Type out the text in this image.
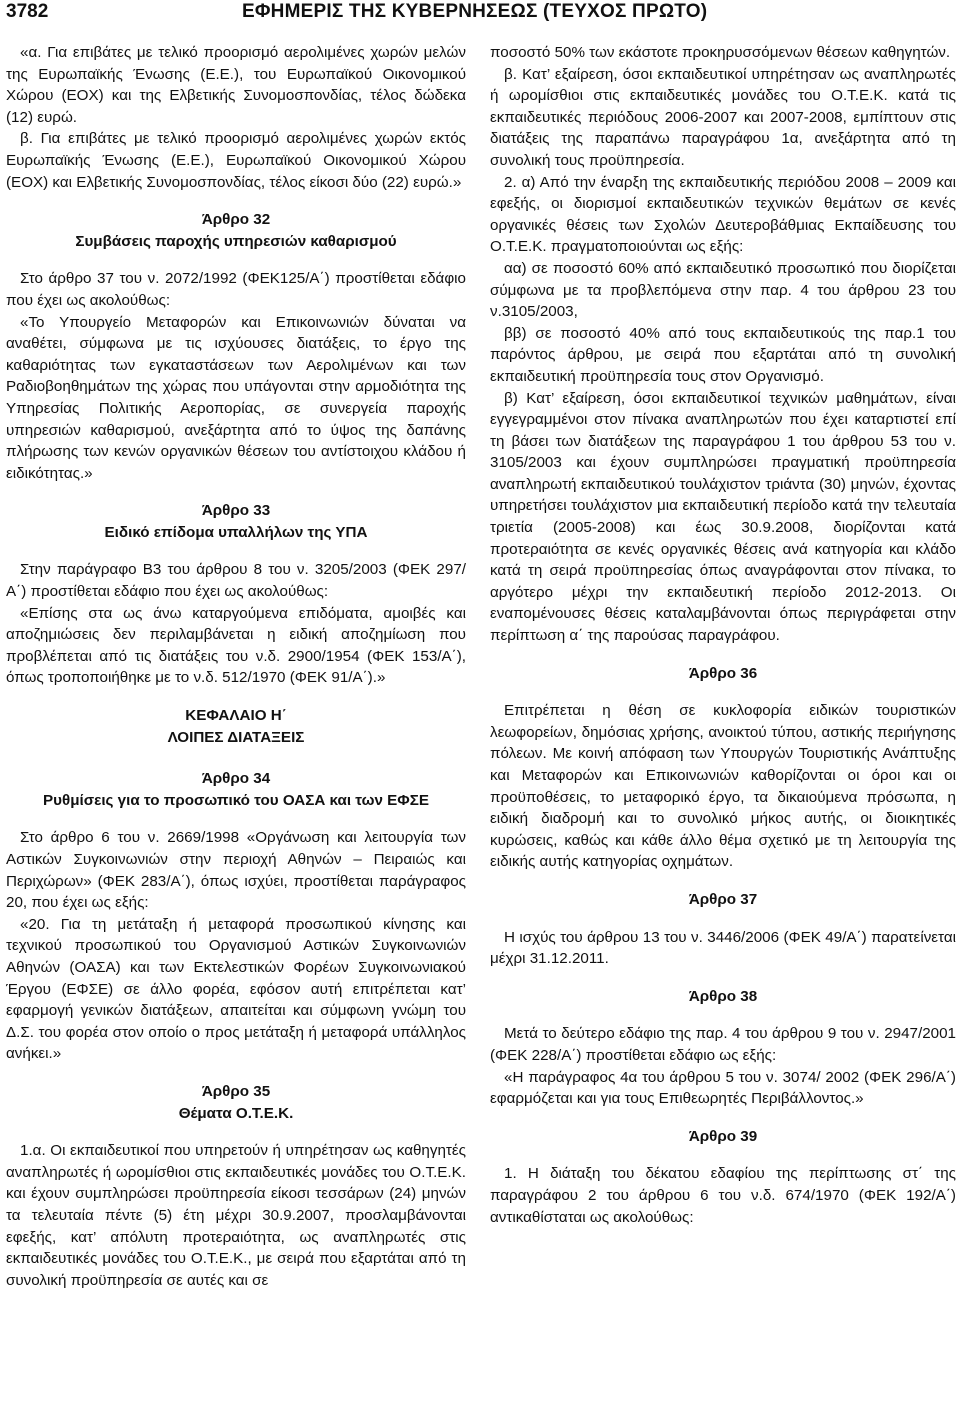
3782	ΕΦΗΜΕΡΙΣ ΤΗΣ ΚΥΒΕΡΝΗΣΕΩΣ (ΤΕΥΧΟΣ ΠΡΩΤΟ)

«α. Για επιβάτες με τελικό προορισμό αερολιμένες χωρών μελών της Ευρωπαϊκής Ένωσης (Ε.Ε.), του Ευρωπαϊκού Οικονομικού Χώρου (ΕΟΧ) και της Ελβετικής Συνομοσπονδίας, τέλος δώδεκα (12) ευρώ.

β. Για επιβάτες με τελικό προορισμό αερολιμένες χωρών εκτός Ευρωπαϊκής Ένωσης (Ε.Ε.), Ευρωπαϊκού Οικονομικού Χώρου (ΕΟΧ) και Ελβετικής Συνομοσπονδίας, τέλος είκοσι δύο (22) ευρώ.»

Άρθρο 32

Συμβάσεις παροχής υπηρεσιών καθαρισμού

Στο άρθρο 37 του ν. 2072/1992 (ΦΕΚ125/Α΄) προστίθεται εδάφιο που έχει ως ακολούθως:

«Το Υπουργείο Μεταφορών και Επικοινωνιών δύναται να αναθέτει, σύμφωνα με τις ισχύουσες διατάξεις, το έργο της καθαριότητας των εγκαταστάσεων των Αερολιμένων και των Ραδιοβοηθημάτων της χώρας που υπάγονται στην αρμοδιότητα της Υπηρεσίας Πολιτικής Αεροπορίας, σε συνεργεία παροχής υπηρεσιών καθαρισμού, ανεξάρτητα από το ύψος της δαπάνης πλήρωσης των κενών οργανικών θέσεων του αντίστοιχου κλάδου ή ειδικότητας.»

Άρθρο 33

Ειδικό επίδομα υπαλλήλων της ΥΠΑ

Στην παράγραφο Β3 του άρθρου 8 του ν. 3205/2003 (ΦΕΚ 297/Α΄) προστίθεται εδάφιο που έχει ως ακολούθως:

«Επίσης στα ως άνω καταργούμενα επιδόματα, αμοιβές και αποζημιώσεις δεν περιλαμβάνεται η ειδική αποζημίωση που προβλέπεται από τις διατάξεις του ν.δ. 2900/1954 (ΦΕΚ 153/Α΄), όπως τροποποιήθηκε με το ν.δ. 512/1970 (ΦΕΚ 91/Α΄).»

ΚΕΦΑΛΑΙΟ Η΄

ΛΟΙΠΕΣ ΔΙΑΤΑΞΕΙΣ

Άρθρο 34

Ρυθμίσεις για το προσωπικό του ΟΑΣΑ και των ΕΦΣΕ

Στο άρθρο 6 του ν. 2669/1998 «Οργάνωση και λειτουργία των Αστικών Συγκοινωνιών στην περιοχή Αθηνών – Πειραιώς και Περιχώρων» (ΦΕΚ 283/Α΄), όπως ισχύει, προστίθεται παράγραφος 20, που έχει ως εξής:

«20. Για τη μετάταξη ή μεταφορά προσωπικού κίνησης και τεχνικού προσωπικού του Οργανισμού Αστικών Συγκοινωνιών Αθηνών (ΟΑΣΑ) και των Εκτελεστικών Φορέων Συγκοινωνιακού Έργου (ΕΦΣΕ) σε άλλο φορέα, εφόσον αυτή επιτρέπεται κατ’ εφαρμογή γενικών διατάξεων, απαιτείται και σύμφωνη γνώμη του Δ.Σ. του φορέα στον οποίο ο προς μετάταξη ή μεταφορά υπάλληλος ανήκει.»

Άρθρο 35

Θέματα Ο.Τ.Ε.Κ.

1.α. Οι εκπαιδευτικοί που υπηρετούν ή υπηρέτησαν ως καθηγητές αναπληρωτές ή ωρομίσθιοι στις εκπαιδευτικές μονάδες του Ο.Τ.Ε.Κ. και έχουν συμπληρώσει προϋπηρεσία είκοσι τεσσάρων (24) μηνών τα τελευταία πέντε (5) έτη μέχρι 30.9.2007, προσλαμβάνονται εφεξής, κατ’ απόλυτη προτεραιότητα, ως αναπληρωτές στις εκπαιδευτικές μονάδες του Ο.Τ.Ε.Κ., με σειρά που εξαρτάται από τη συνολική προϋπηρεσία σε αυτές και σε

ποσοστό 50% των εκάστοτε προκηρυσσόμενων θέσεων καθηγητών.

β. Κατ’ εξαίρεση, όσοι εκπαιδευτικοί υπηρέτησαν ως αναπληρωτές ή ωρομίσθιοι στις εκπαιδευτικές μονάδες του Ο.Τ.Ε.Κ. κατά τις εκπαιδευτικές περιόδους 2006-2007 και 2007-2008, εμπίπτουν στις διατάξεις της παραπάνω παραγράφου 1α, ανεξάρτητα από τη συνολική τους προϋπηρεσία.

2. α) Από την έναρξη της εκπαιδευτικής περιόδου 2008 – 2009 και εφεξής, οι διορισμοί εκπαιδευτικών τεχνικών θεμάτων σε κενές οργανικές θέσεις των Σχολών Δευτεροβάθμιας Εκπαίδευσης του Ο.Τ.Ε.Κ. πραγματοποιούνται ως εξής:

αα) σε ποσοστό 60% από εκπαιδευτικό προσωπικό που διορίζεται σύμφωνα με τα προβλεπόμενα στην παρ. 4 του άρθρου 23 του ν.3105/2003,

ββ) σε ποσοστό 40% από τους εκπαιδευτικούς της παρ.1 του παρόντος άρθρου, με σειρά που εξαρτάται από τη συνολική εκπαιδευτική προϋπηρεσία τους στον Οργανισμό.

β) Κατ’ εξαίρεση, όσοι εκπαιδευτικοί τεχνικών μαθημάτων, είναι εγγεγραμμένοι στον πίνακα αναπληρωτών που έχει καταρτιστεί επί τη βάσει των διατάξεων της παραγράφου 1 του άρθρου 53 του ν. 3105/2003 και έχουν συμπληρώσει πραγματική προϋπηρεσία αναπληρωτή εκπαιδευτικού τουλάχιστον τριάντα (30) μηνών, έχοντας υπηρετήσει τουλάχιστον μια εκπαιδευτική περίοδο κατά την τελευταία τριετία (2005-2008) και έως 30.9.2008, διορίζονται κατά προτεραιότητα σε κενές οργανικές θέσεις ανά κατηγορία και κλάδο κατά τη σειρά προϋπηρεσίας όπως αναγράφονται στον πίνακα, το αργότερο μέχρι την εκπαιδευτική περίοδο 2012-2013. Οι εναπομένουσες θέσεις καταλαμβάνονται όπως περιγράφεται στην περίπτωση α΄ της παρούσας παραγράφου.

Άρθρο 36

Επιτρέπεται η θέση σε κυκλοφορία ειδικών τουριστικών λεωφορείων, δημόσιας χρήσης, ανοικτού τύπου, αστικής περιήγησης πόλεων. Με κοινή απόφαση των Υπουργών Τουριστικής Ανάπτυξης και Μεταφορών και Επικοινωνιών καθορίζονται οι όροι και οι προϋποθέσεις, το μεταφορικό έργο, τα δικαιούμενα πρόσωπα, η ειδική διαδρομή και το συνολικό μήκος αυτής, οι διοικητικές κυρώσεις, καθώς και κάθε άλλο θέμα σχετικό με τη λειτουργία της ειδικής αυτής κατηγορίας οχημάτων.

Άρθρο 37

Η ισχύς του άρθρου 13 του ν. 3446/2006 (ΦΕΚ 49/Α΄) παρατείνεται μέχρι 31.12.2011.

Άρθρο 38

Μετά το δεύτερο εδάφιο της παρ. 4 του άρθρου 9 του ν. 2947/2001 (ΦΕΚ 228/Α΄) προστίθεται εδάφιο ως εξής:

«Η παράγραφος 4α του άρθρου 5 του ν. 3074/ 2002 (ΦΕΚ 296/Α΄) εφαρμόζεται και για τους Επιθεωρητές Περιβάλλοντος.»

Άρθρο 39

1. Η διάταξη του δέκατου εδαφίου της περίπτωσης στ΄ της παραγράφου 2 του άρθρου 6 του ν.δ. 674/1970 (ΦΕΚ 192/Α΄) αντικαθίσταται ως ακολούθως:
